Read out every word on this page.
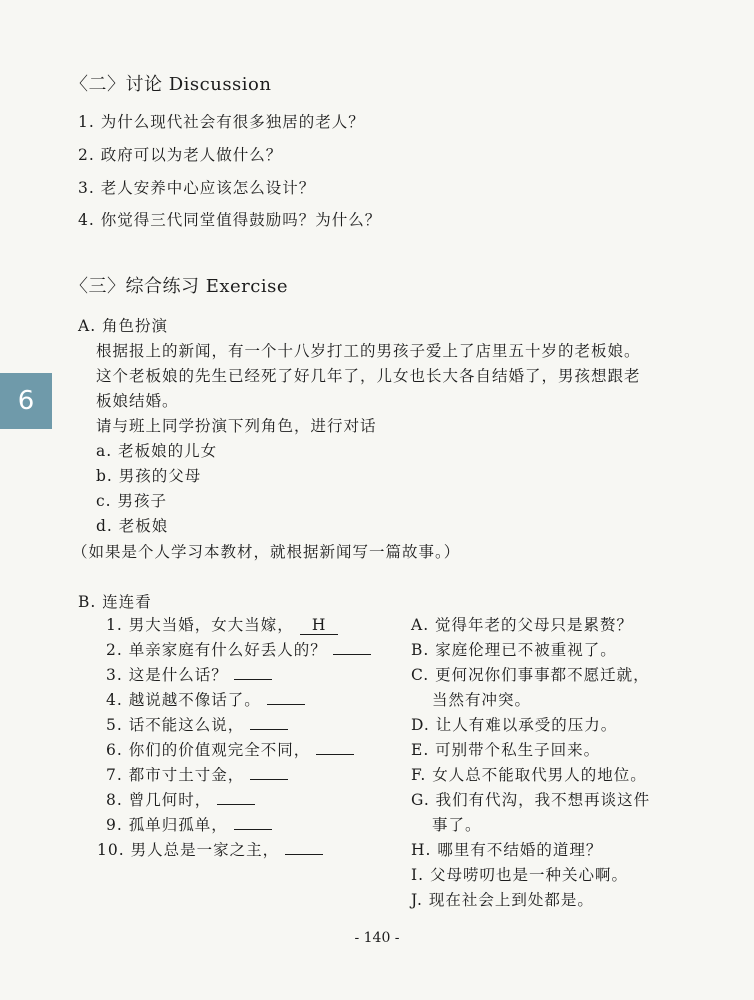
6
〈二〉讨论 Discussion
1. 为什么现代社会有很多独居的老人？
2. 政府可以为老人做什么？
3. 老人安养中心应该怎么设计？
4. 你觉得三代同堂值得鼓励吗？为什么？
〈三〉综合练习 Exercise
A. 角色扮演
根据报上的新闻，有一个十八岁打工的男孩子爱上了店里五十岁的老板娘。
这个老板娘的先生已经死了好几年了，儿女也长大各自结婚了，男孩想跟老
板娘结婚。
请与班上同学扮演下列角色，进行对话
a. 老板娘的儿女
b. 男孩的父母
c. 男孩子
d. 老板娘
（如果是个人学习本教材，就根据新闻写一篇故事。）
B. 连连看
1. 男大当婚，女大当嫁， H
2. 单亲家庭有什么好丢人的？
3. 这是什么话？
4. 越说越不像话了。
5. 话不能这么说，
6. 你们的价值观完全不同，
7. 都市寸土寸金，
8. 曾几何时，
9. 孤单归孤单，
10. 男人总是一家之主，
A. 觉得年老的父母只是累赘？
B. 家庭伦理已不被重视了。
C. 更何况你们事事都不愿迁就，
当然有冲突。
D. 让人有难以承受的压力。
E. 可别带个私生子回来。
F. 女人总不能取代男人的地位。
G. 我们有代沟，我不想再谈这件
事了。
H. 哪里有不结婚的道理？
I. 父母唠叨也是一种关心啊。
J. 现在社会上到处都是。
- 140 -
